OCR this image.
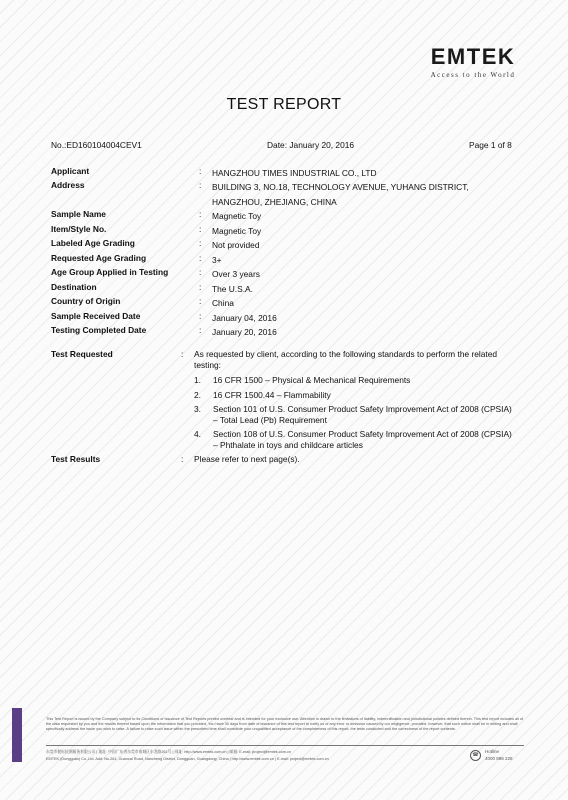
EMTEK
Access to the World
TEST REPORT
No.:ED160104004CEV1	Date: January 20, 2016	Page 1 of 8
Applicant	: HANGZHOU TIMES INDUSTRIAL CO., LTD
Address	: BUILDING 3, NO.18, TECHNOLOGY AVENUE, YUHANG DISTRICT,
HANGZHOU, ZHEJIANG, CHINA
Sample Name	: Magnetic Toy
Item/Style No.	: Magnetic Toy
Labeled Age Grading	: Not provided
Requested Age Grading	: 3+
Age Group Applied in Testing	: Over 3 years
Destination	: The U.S.A.
Country of Origin	: China
Sample Received Date	: January 04, 2016
Testing Completed Date	: January 20, 2016
Test Requested	: As requested by client, according to the following standards to perform the related testing:
1. 16 CFR 1500 – Physical & Mechanical Requirements
2. 16 CFR 1500.44 – Flammability
3. Section 101 of U.S. Consumer Product Safety Improvement Act of 2008 (CPSIA) – Total Lead (Pb) Requirement
4. Section 108 of U.S. Consumer Product Safety Improvement Act of 2008 (CPSIA) – Phthalate in toys and childcare articles
Test Results	: Please refer to next page(s).
This Test Report is issued by the Company subject to its Conditions of Issuance of Test Reports printed overleaf and is intended for your exclusive use. Attention is drawn to the limitations of liability, indemnification and jurisdictional policies defined therein. This test report includes all of the data requested by you and the results thereof based upon the information that you provided. You have 30 days from date of issuance of this test report to notify us of any error or omission caused by our negligence, provided, however, that such notice shall be in writing and shall specifically address the issue you wish to raise. A failure to raise such issue within the prescribed time shall constitute your unqualified acceptance of the completeness of this report, the tests conducted and the correctness of the report contents.
东莞市偓标检测服务有限公司 | 地址: 中国广东省东莞市南城区车龙路261号 | 网址: http://www.emtek.com.cn | 邮箱: E-mail: project@emtek.com.cn
EMTEK (Dongguan) Co.,Ltd. Add: No.261, Guancai Road, Nancheng District, Dongguan, Guangdong, China | http://www.emtek.com.cn | E-mail: project@emtek.com.cn
☎
Hotline
4000 898 228
